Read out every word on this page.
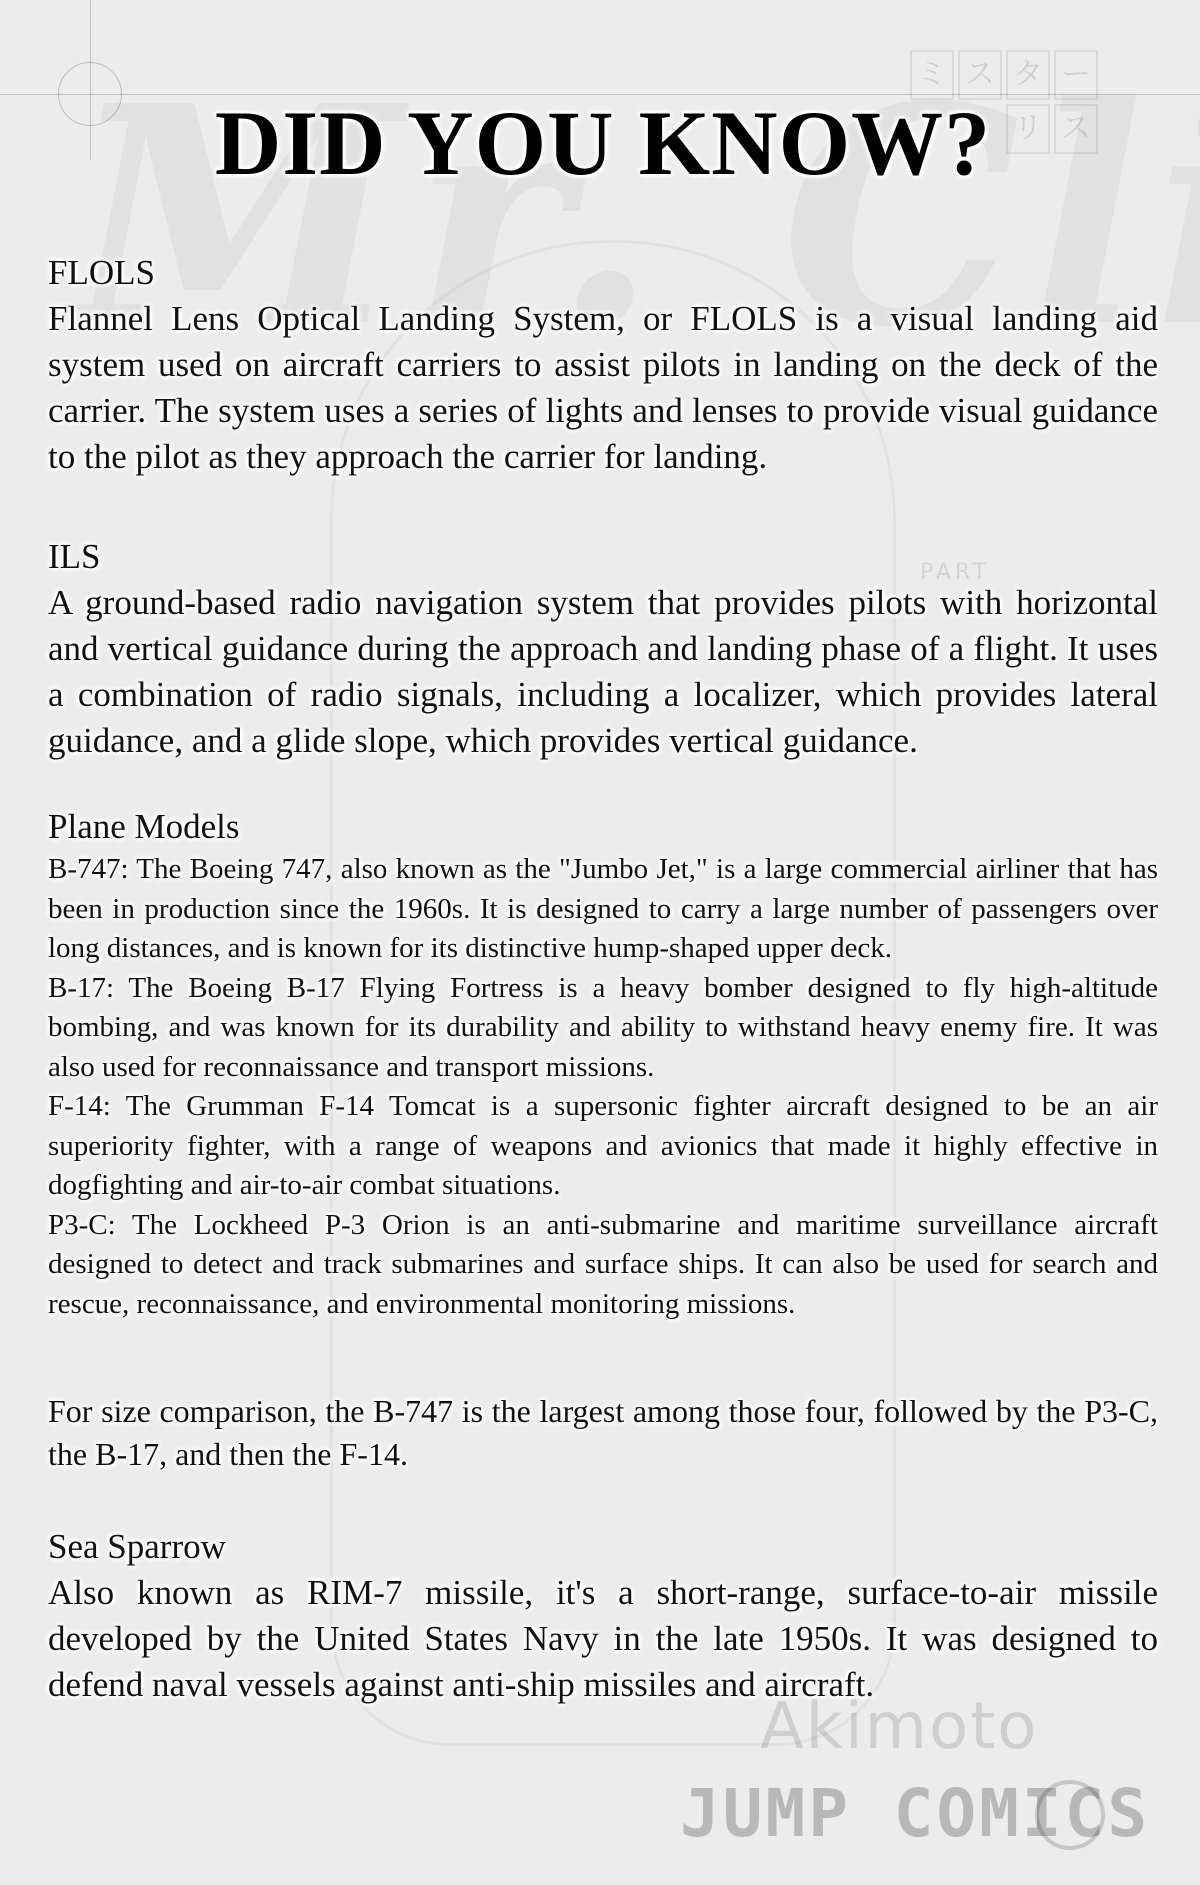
ミ ス タ ー
リ ス
PART
Akimoto
JUMP COMICS
DID YOU KNOW?

FLOLS

Flannel Lens Optical Landing System, or FLOLS is a visual landing aid system used on aircraft carriers to assist pilots in landing on the deck of the carrier. The system uses a series of lights and lenses to provide visual guidance to the pilot as they approach the carrier for landing.

ILS

A ground-based radio navigation system that provides pilots with horizontal and vertical guidance during the approach and landing phase of a flight. It uses a combination of radio signals, including a localizer, which provides lateral guidance, and a glide slope, which provides vertical guidance.

Plane Models

B-747: The Boeing 747, also known as the "Jumbo Jet," is a large commercial airliner that has been in production since the 1960s. It is designed to carry a large number of passengers over long distances, and is known for its distinctive hump-shaped upper deck.

B-17: The Boeing B-17 Flying Fortress is a heavy bomber designed to fly high-altitude bombing, and was known for its durability and ability to withstand heavy enemy fire. It was also used for reconnaissance and transport missions.

F-14: The Grumman F-14 Tomcat is a supersonic fighter aircraft designed to be an air superiority fighter, with a range of weapons and avionics that made it highly effective in dogfighting and air-to-air combat situations.

P3-C: The Lockheed P-3 Orion is an anti-submarine and maritime surveillance aircraft designed to detect and track submarines and surface ships. It can also be used for search and rescue, reconnaissance, and environmental monitoring missions.

For size comparison, the B-747 is the largest among those four, followed by the P3-C, the B-17, and then the F-14.

Sea Sparrow

Also known as RIM-7 missile, it's a short-range, surface-to-air missile developed by the United States Navy in the late 1950s. It was designed to defend naval vessels against anti-ship missiles and aircraft.
